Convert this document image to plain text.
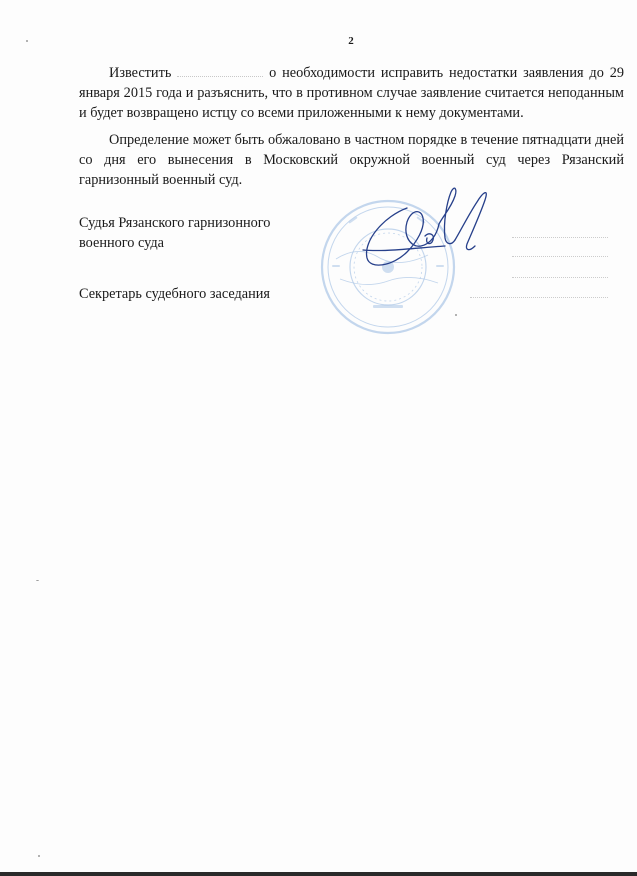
2

Известить	о необходимости исправить недостатки заявления до 29 января 2015 года и разъяснить, что в противном случае заявление считается неподанным и будет возвращено истцу со всеми приложенными к нему документами.

Определение может быть обжаловано в частном порядке в течение пятнадцати дней со дня его вынесения в Московский окружной военный суд через Рязанский гарнизонный военный суд.

Судья Рязанского гарнизонного
военного суда
Секретарь судебного заседания
